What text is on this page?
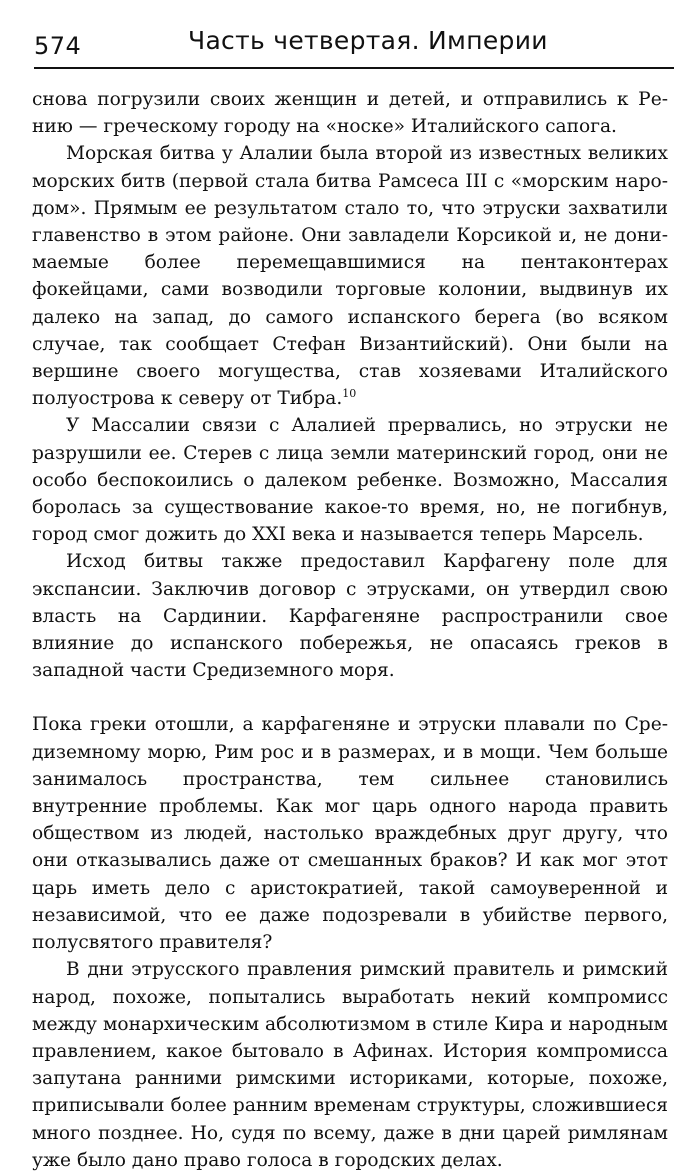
574	Часть четвертая. Империи

снова погрузили своих женщин и детей, и отправились к Рению — греческому городу на «носке» Италийского сапога.

Морская битва у Алалии была второй из известных великих морских битв (первой стала битва Рамсеса III с «морским народом». Прямым ее результатом стало то, что этруски захватили главенство в этом районе. Они завладели Корсикой и, не донимаемые более перемещавшимися на пентаконтерах фокейцами, сами возводили торговые колонии, выдвинув их далеко на запад, до самого испанского берега (во всяком случае, так сообщает Стефан Византийский). Они были на вершине своего могущества, став хозяевами Италийского полуострова к северу от Тибра.$^{10}$

У Массалии связи с Алалией прервались, но этруски не разрушили ее. Стерев с лица земли материнский город, они не особо беспокоились о далеком ребенке. Возможно, Массалия боролась за существование какое-то время, но, не погибнув, город смог дожить до XXI века и называется теперь Марсель.

Исход битвы также предоставил Карфагену поле для экспансии. Заключив договор с этрусками, он утвердил свою власть на Сардинии. Карфагеняне распространили свое влияние до испанского побережья, не опасаясь греков в западной части Средиземного моря.

Пока греки отошли, а карфагеняне и этруски плавали по Средиземному морю, Рим рос и в размерах, и в мощи. Чем больше занималось пространства, тем сильнее становились внутренние проблемы. Как мог царь одного народа править обществом из людей, настолько враждебных друг другу, что они отказывались даже от смешанных браков? И как мог этот царь иметь дело с аристократией, такой самоуверенной и независимой, что ее даже подозревали в убийстве первого, полусвятого правителя?

В дни этрусского правления римский правитель и римский народ, похоже, попытались выработать некий компромисс между монархическим абсолютизмом в стиле Кира и народным правлением, какое бытовало в Афинах. История компромисса запутана ранними римскими историками, которые, похоже, приписывали более ранним временам структуры, сложившиеся много позднее. Но, судя по всему, даже в дни царей римлянам уже было дано право голоса в городских делах.
